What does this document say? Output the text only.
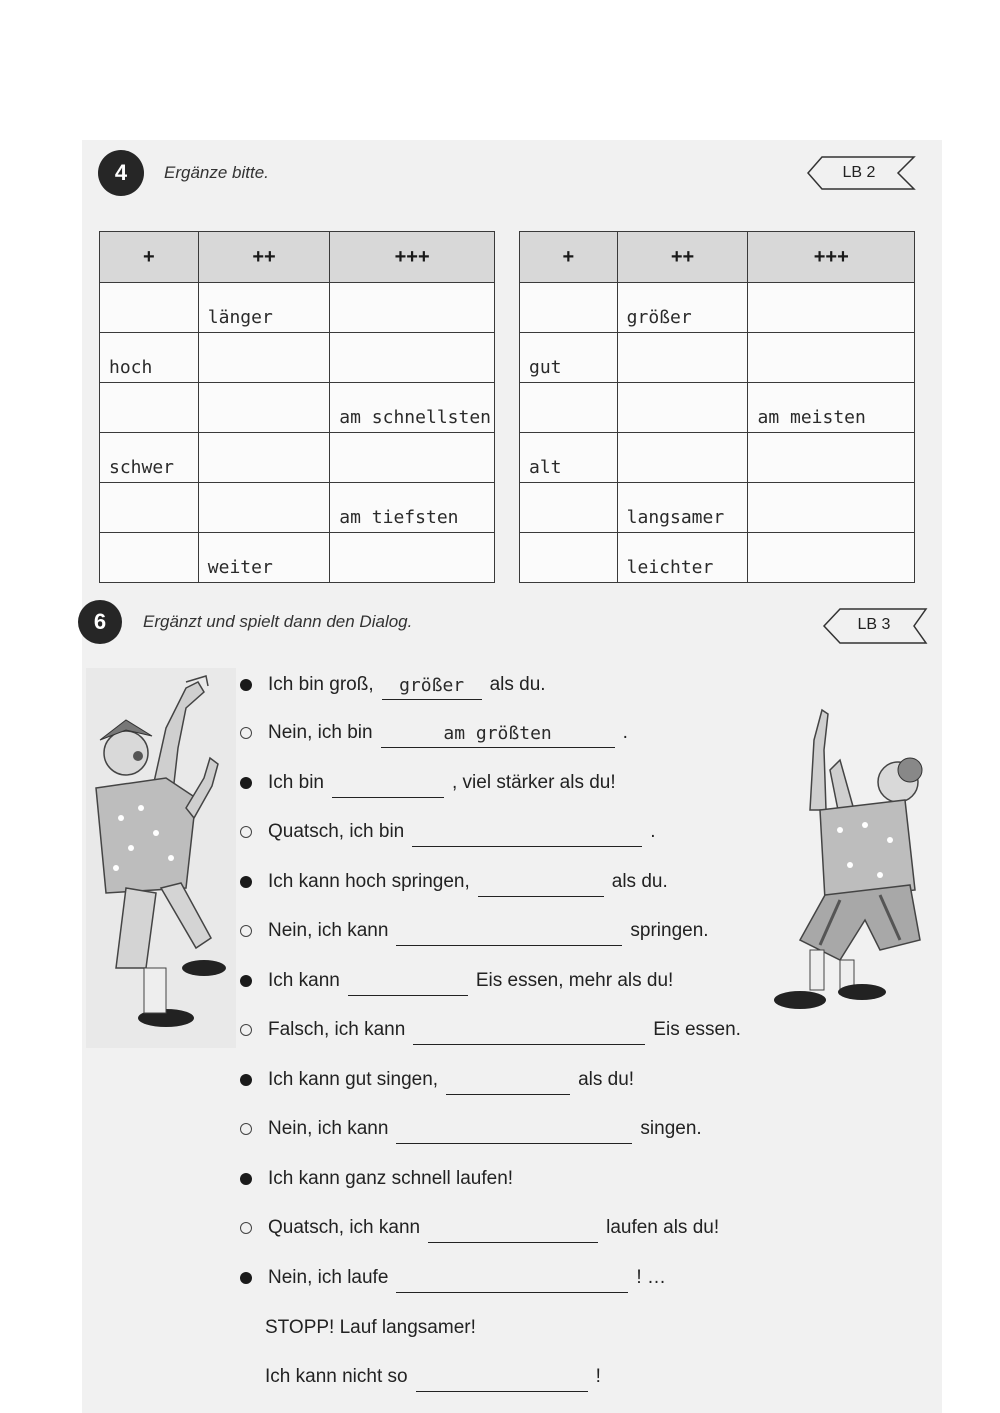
4	Ergänze bitte.	LB 2
+	++	+++
	länger	
hoch		
		am schnellsten
schwer		
		am tiefsten
	weiter	
+	++	+++
	größer	
gut		
		am meisten
alt		
	langsamer	
	leichter	
6	Ergänzt und spielt dann den Dialog.	LB 3
Ich bin groß,	größer	als du.
Nein, ich bin	am größten	.
Ich bin	, viel stärker als du!
Quatsch, ich bin	.
Ich kann hoch springen,	als du.
Nein, ich kann	springen.
Ich kann	Eis essen, mehr als du!
Falsch, ich kann	Eis essen.
Ich kann gut singen,	als du!
Nein, ich kann	singen.
Ich kann ganz schnell laufen!
Quatsch, ich kann	laufen als du!
Nein, ich laufe	! …
STOPP! Lauf langsamer!
Ich kann nicht so	!
